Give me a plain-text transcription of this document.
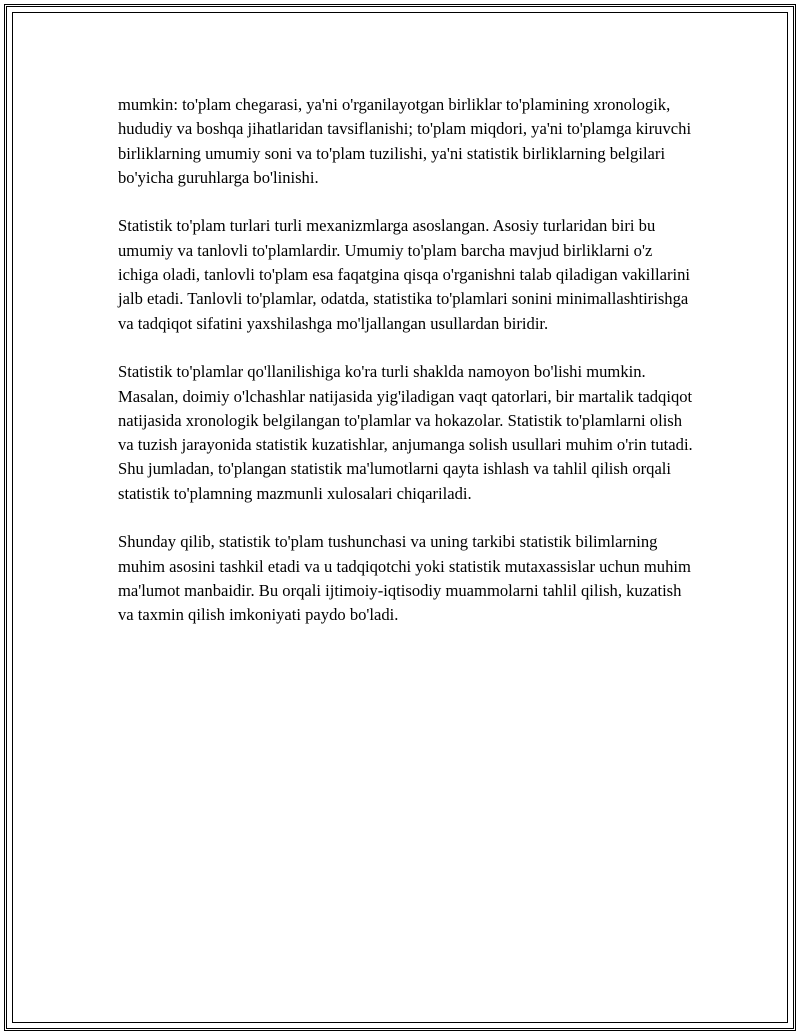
mumkin: to'plam chegarasi, ya'ni o'rganilayotgan birliklar to'plamining xronologik, hududiy va boshqa jihatlaridan tavsiflanishi; to'plam miqdori, ya'ni to'plamga kiruvchi birliklarning umumiy soni va to'plam tuzilishi, ya'ni statistik birliklarning belgilari bo'yicha guruhlarga bo'linishi.

Statistik to'plam turlari turli mexanizmlarga asoslangan. Asosiy turlaridan biri bu umumiy va tanlovli to'plamlardir. Umumiy to'plam barcha mavjud birliklarni o'z ichiga oladi, tanlovli to'plam esa faqatgina qisqa o'rganishni talab qiladigan vakillarini jalb etadi. Tanlovli to'plamlar, odatda, statistika to'plamlari sonini minimallashtirishga va tadqiqot sifatini yaxshilashga mo'ljallangan usullardan biridir.

Statistik to'plamlar qo'llanilishiga ko'ra turli shaklda namoyon bo'lishi mumkin. Masalan, doimiy o'lchashlar natijasida yig'iladigan vaqt qatorlari, bir martalik tadqiqot natijasida xronologik belgilangan to'plamlar va hokazolar. Statistik to'plamlarni olish va tuzish jarayonida statistik kuzatishlar, anjumanga solish usullari muhim o'rin tutadi. Shu jumladan, to'plangan statistik ma'lumotlarni qayta ishlash va tahlil qilish orqali statistik to'plamning mazmunli xulosalari chiqariladi.

Shunday qilib, statistik to'plam tushunchasi va uning tarkibi statistik bilimlarning muhim asosini tashkil etadi va u tadqiqotchi yoki statistik mutaxassislar uchun muhim ma'lumot manbaidir. Bu orqali ijtimoiy-iqtisodiy muammolarni tahlil qilish, kuzatish va taxmin qilish imkoniyati paydo bo'ladi.
